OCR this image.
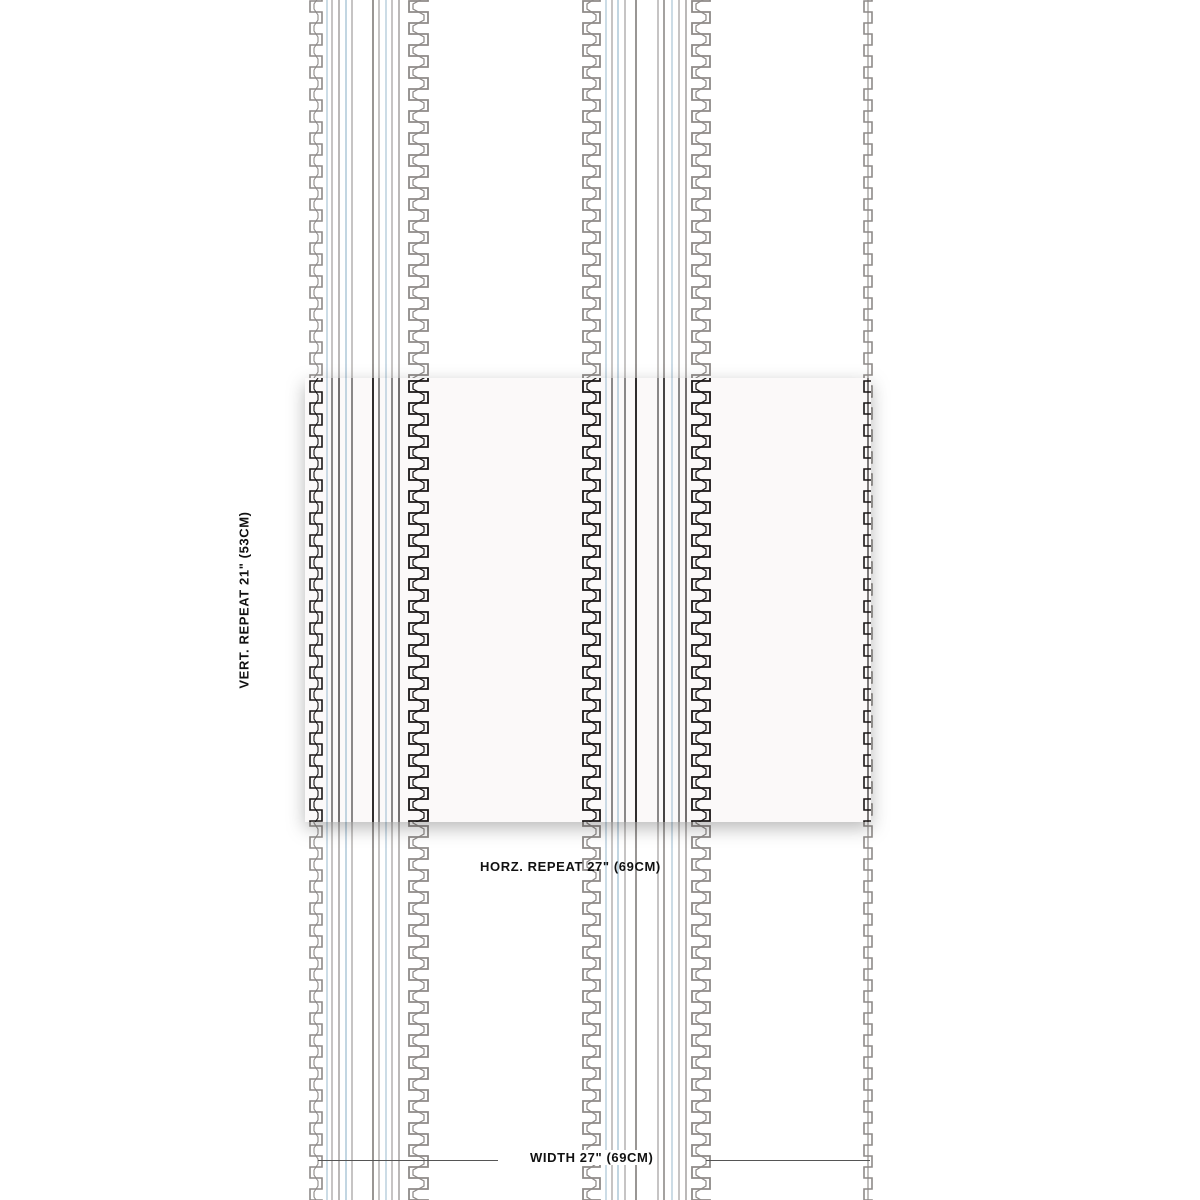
VERT. REPEAT 21" (53CM)
HORZ. REPEAT 27" (69CM)
WIDTH 27" (69CM)
